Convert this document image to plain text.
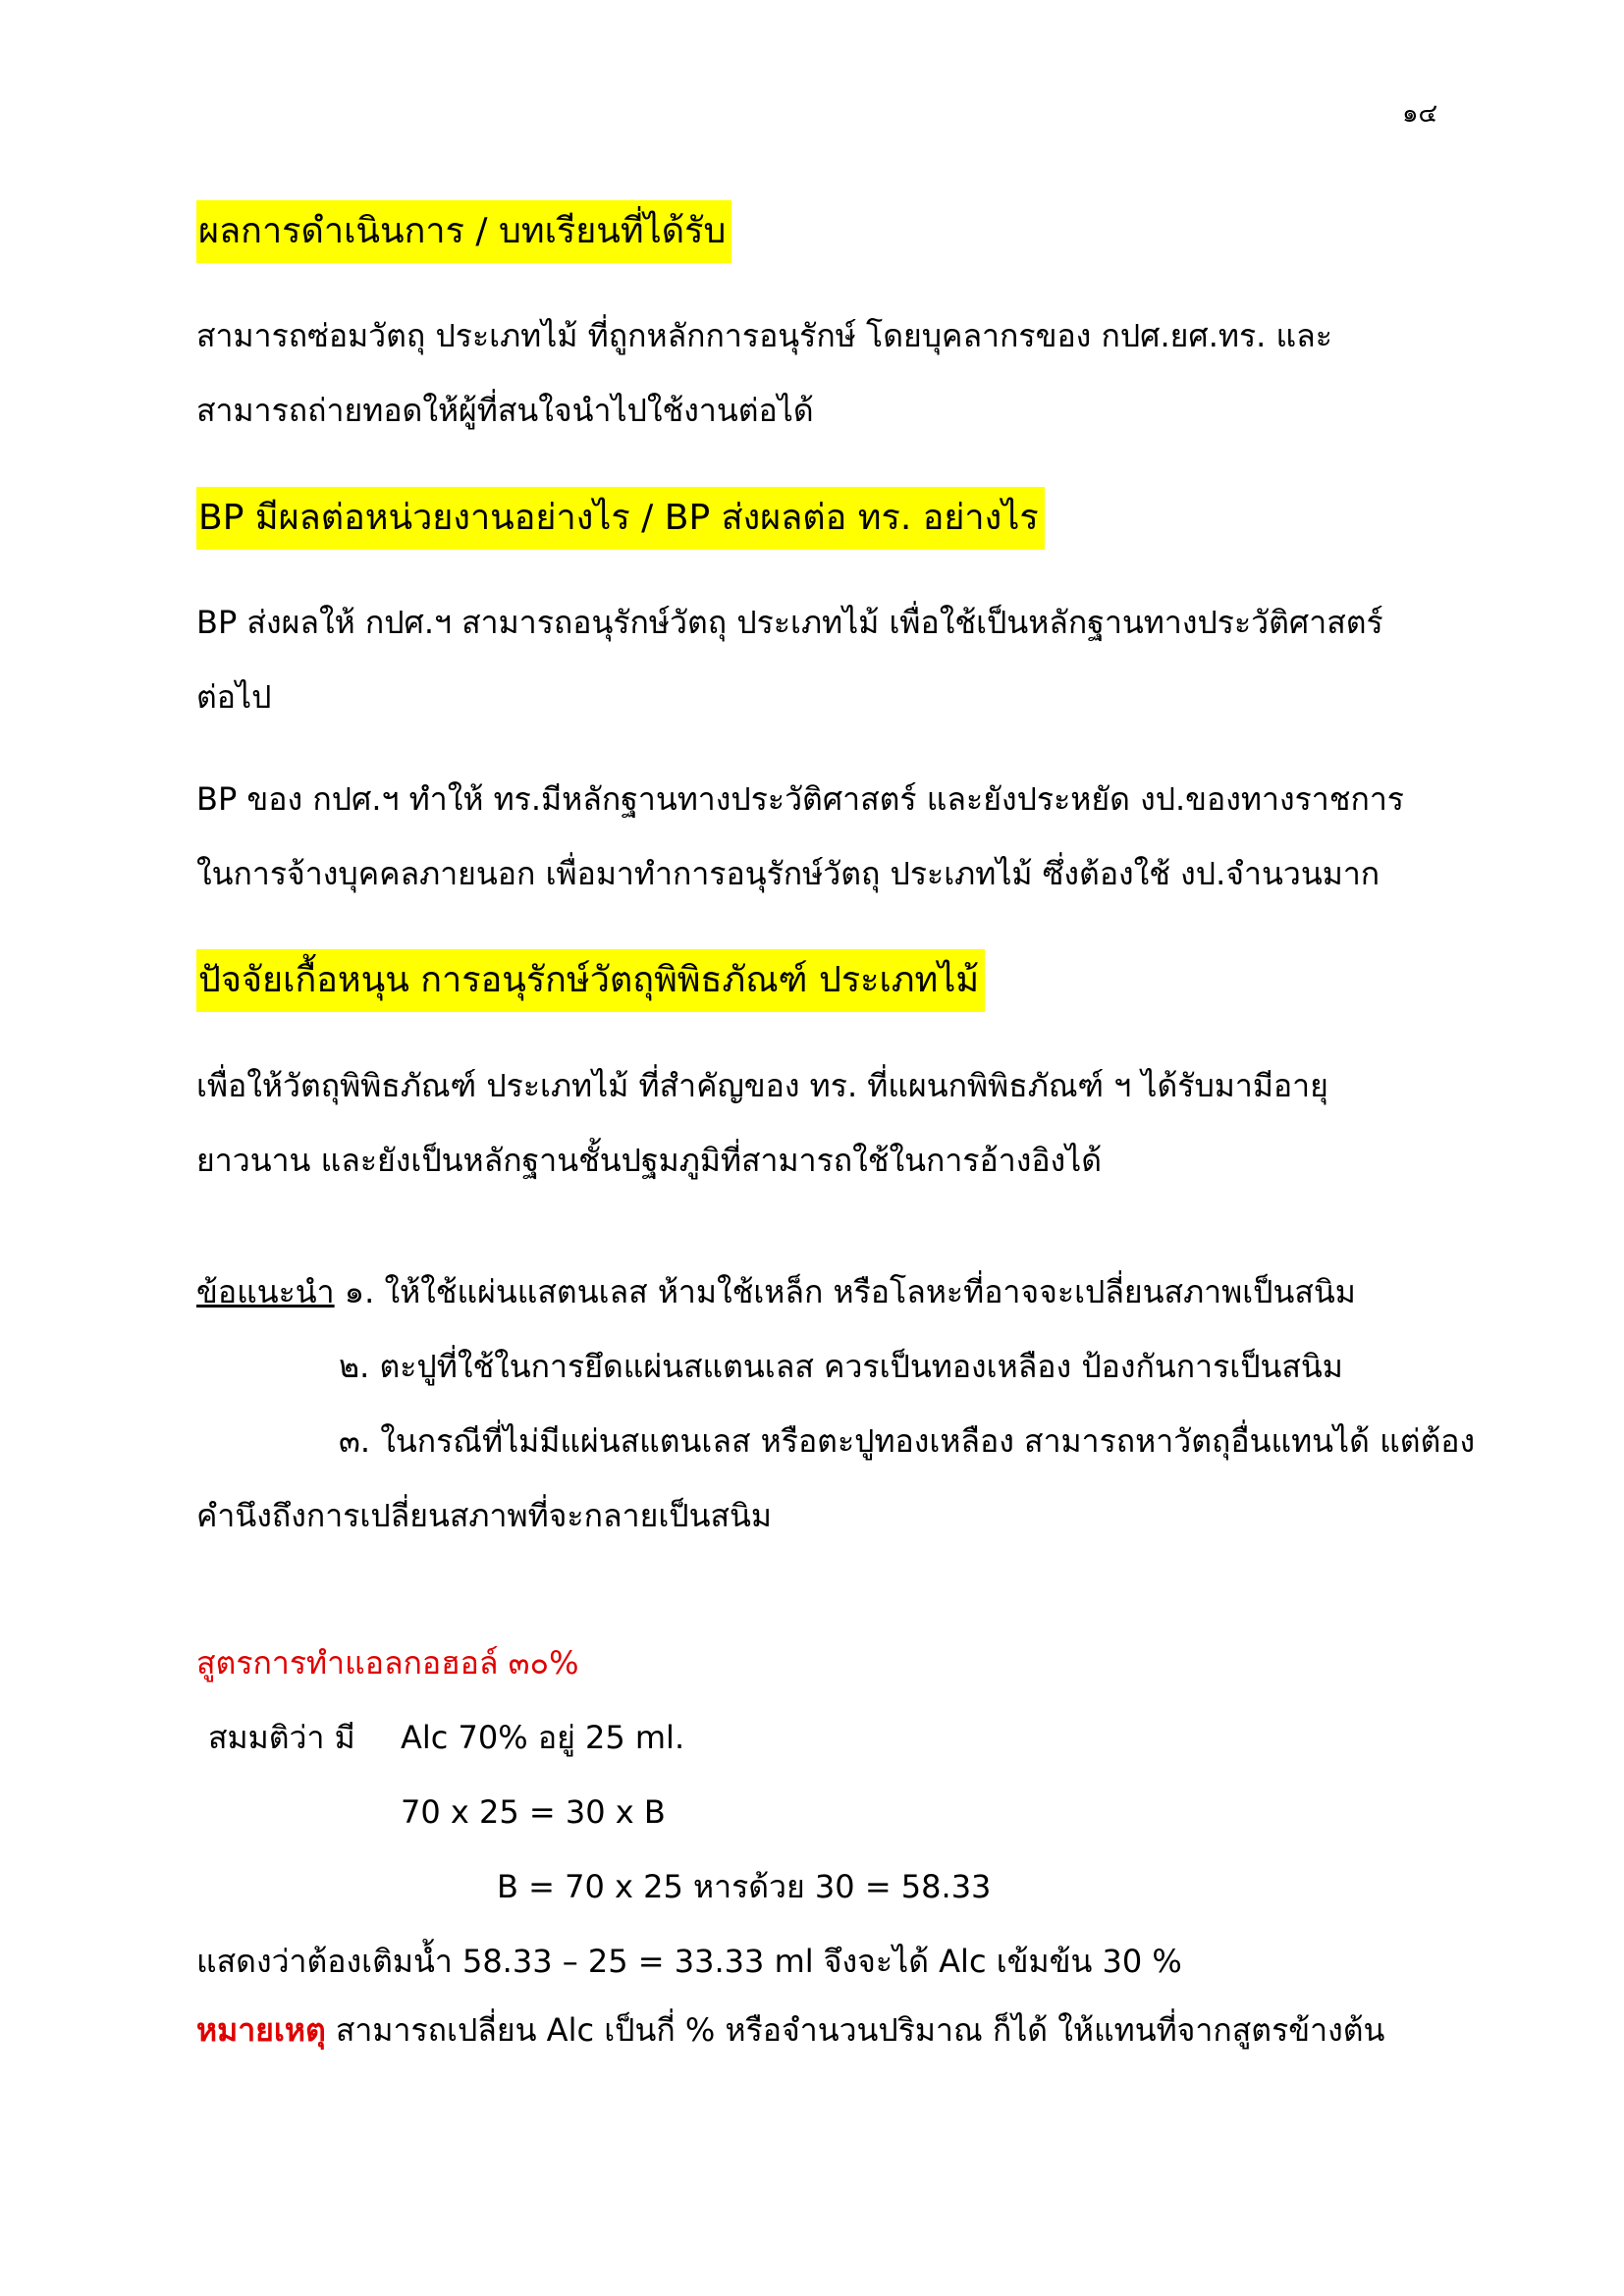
๑๔
ผลการดำเนินการ / บทเรียนที่ได้รับ
สามารถซ่อมวัตถุ ประเภทไม้ ที่ถูกหลักการอนุรักษ์ โดยบุคลากรของ กปศ.ยศ.ทร. และ
สามารถถ่ายทอดให้ผู้ที่สนใจนำไปใช้งานต่อได้
BP มีผลต่อหน่วยงานอย่างไร / BP ส่งผลต่อ ทร. อย่างไร
BP ส่งผลให้ กปศ.ฯ สามารถอนุรักษ์วัตถุ ประเภทไม้ เพื่อใช้เป็นหลักฐานทางประวัติศาสตร์
ต่อไป
BP ของ กปศ.ฯ ทำให้ ทร.มีหลักฐานทางประวัติศาสตร์ และยังประหยัด งป.ของทางราชการ
ในการจ้างบุคคลภายนอก เพื่อมาทำการอนุรักษ์วัตถุ ประเภทไม้ ซึ่งต้องใช้ งป.จำนวนมาก
ปัจจัยเกื้อหนุน การอนุรักษ์วัตถุพิพิธภัณฑ์ ประเภทไม้
เพื่อให้วัตถุพิพิธภัณฑ์ ประเภทไม้ ที่สำคัญของ ทร. ที่แผนกพิพิธภัณฑ์ ฯ ได้รับมามีอายุ
ยาวนาน และยังเป็นหลักฐานชั้นปฐมภูมิที่สามารถใช้ในการอ้างอิงได้
ข้อแนะนำ ๑. ให้ใช้แผ่นแสตนเลส ห้ามใช้เหล็ก หรือโลหะที่อาจจะเปลี่ยนสภาพเป็นสนิม
๒. ตะปูที่ใช้ในการยึดแผ่นสแตนเลส ควรเป็นทองเหลือง ป้องกันการเป็นสนิม
๓. ในกรณีที่ไม่มีแผ่นสแตนเลส หรือตะปูทองเหลือง สามารถหาวัตถุอื่นแทนได้ แต่ต้อง
คำนึงถึงการเปลี่ยนสภาพที่จะกลายเป็นสนิม
สูตรการทำแอลกอฮอล์ ๓๐%
สมมติว่า มี Alc 70% อยู่ 25 ml.
70 x 25 = 30 x B
B = 70 x 25 หารด้วย 30 = 58.33
แสดงว่าต้องเติมน้ำ 58.33 – 25 = 33.33 ml จึงจะได้ Alc เข้มข้น 30 %
หมายเหตุ สามารถเปลี่ยน Alc เป็นกี่ % หรือจำนวนปริมาณ ก็ได้ ให้แทนที่จากสูตรข้างต้น
